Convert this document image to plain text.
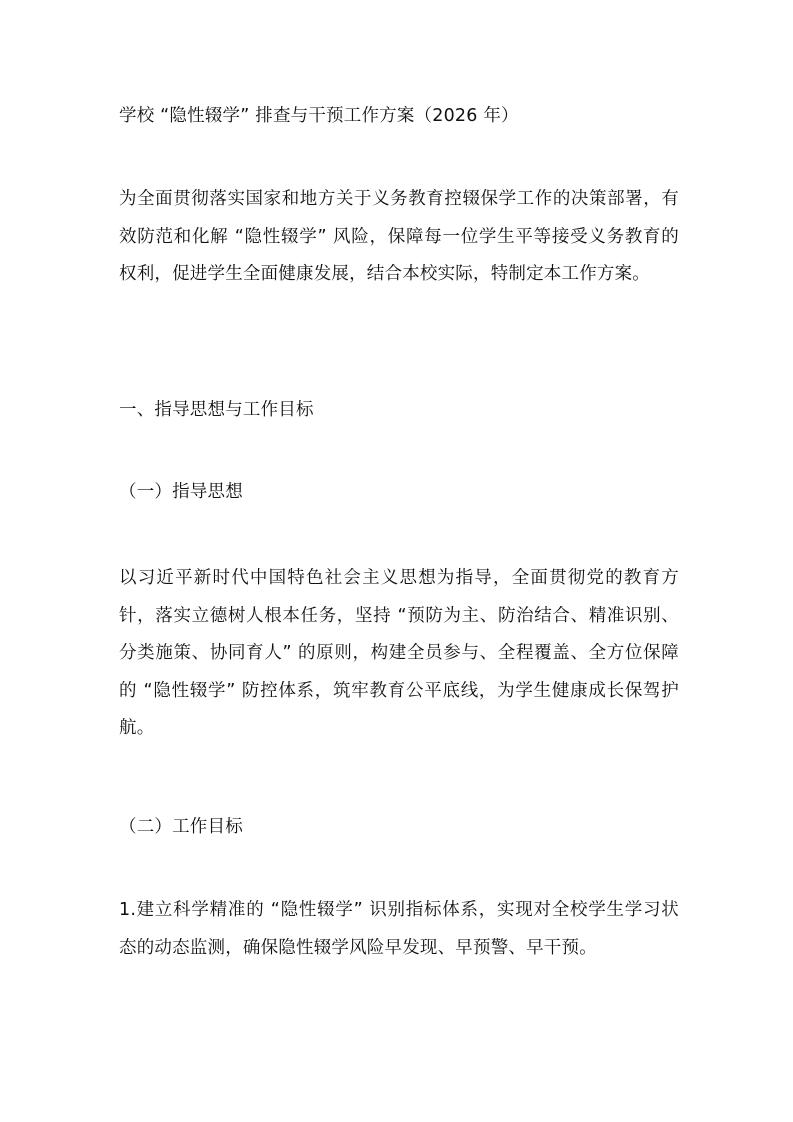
学校 “隐性辍学” 排查与干预工作方案（2026 年）

为全面贯彻落实国家和地方关于义务教育控辍保学工作的决策部署，有效防范和化解 “隐性辍学” 风险，保障每一位学生平等接受义务教育的权利，促进学生全面健康发展，结合本校实际，特制定本工作方案。

一、指导思想与工作目标

（一）指导思想

以习近平新时代中国特色社会主义思想为指导，全面贯彻党的教育方针，落实立德树人根本任务，坚持 “预防为主、防治结合、精准识别、分类施策、协同育人” 的原则，构建全员参与、全程覆盖、全方位保障的 “隐性辍学” 防控体系，筑牢教育公平底线，为学生健康成长保驾护航。

（二）工作目标

1.建立科学精准的 “隐性辍学” 识别指标体系，实现对全校学生学习状态的动态监测，确保隐性辍学风险早发现、早预警、早干预。
